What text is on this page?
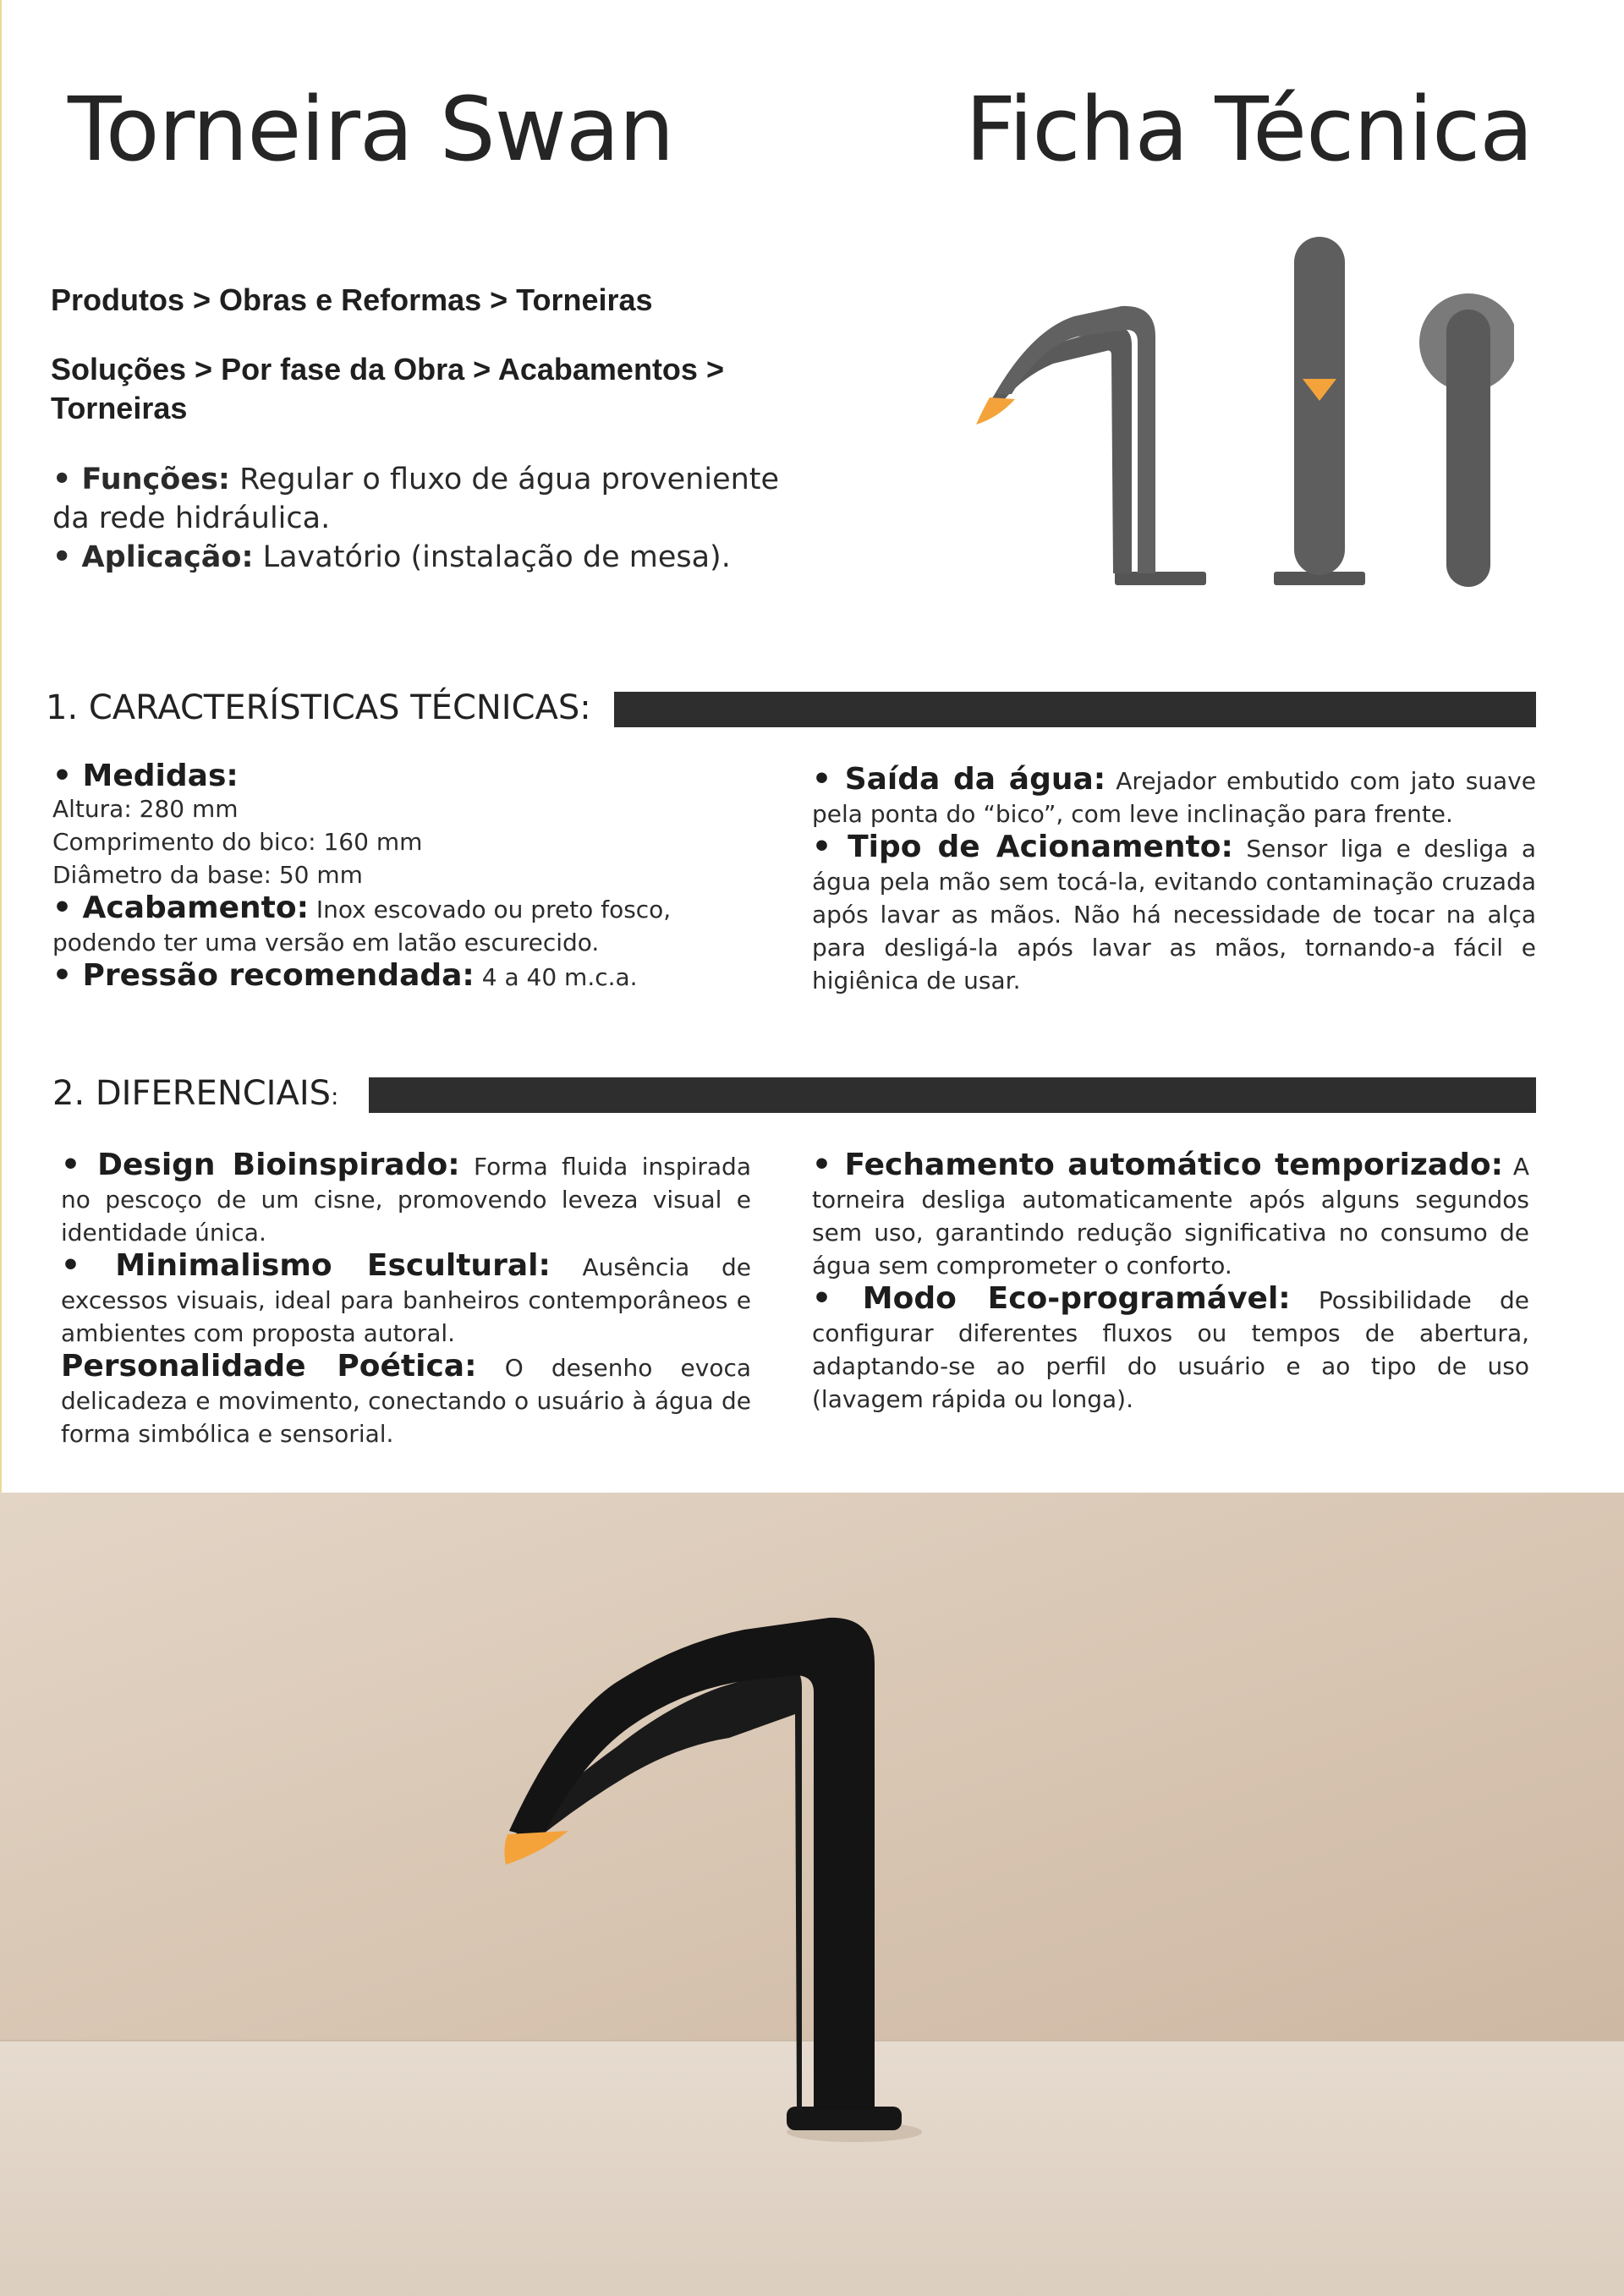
Torneira Swan	Ficha Técnica

Produtos > Obras e Reformas > Torneiras

Soluções > Por fase da Obra > Acabamentos > Torneiras

• Funções: Regular o fluxo de água proveniente da rede hidráulica.

• Aplicação: Lavatório (instalação de mesa).

1. CARACTERÍSTICAS TÉCNICAS:

• Medidas:

Altura: 280 mm

Comprimento do bico: 160 mm

Diâmetro da base: 50 mm

• Acabamento: Inox escovado ou preto fosco, podendo ter uma versão em latão escurecido.

• Pressão recomendada: 4 a 40 m.c.a.

• Saída da água: Arejador embutido com jato suave pela ponta do “bico”, com leve inclinação para frente.

• Tipo de Acionamento: Sensor liga e desliga a água pela mão sem tocá-la, evitando contaminação cruzada após lavar as mãos. Não há necessidade de tocar na alça para desligá-la após lavar as mãos, tornando-a fácil e higiênica de usar.

2. DIFERENCIAIS:

• Design Bioinspirado: Forma fluida inspirada no pescoço de um cisne, promovendo leveza visual e identidade única.

• Minimalismo Escultural: Ausência de excessos visuais, ideal para banheiros contemporâneos e ambientes com proposta autoral.

Personalidade Poética: O desenho evoca delicadeza e movimento, conectando o usuário à água de forma simbólica e sensorial.

• Fechamento automático temporizado: A torneira desliga automaticamente após alguns segundos sem uso, garantindo redução significativa no consumo de água sem comprometer o conforto.

• Modo Eco-programável: Possibilidade de configurar diferentes fluxos ou tempos de abertura, adaptando-se ao perfil do usuário e ao tipo de uso (lavagem rápida ou longa).
